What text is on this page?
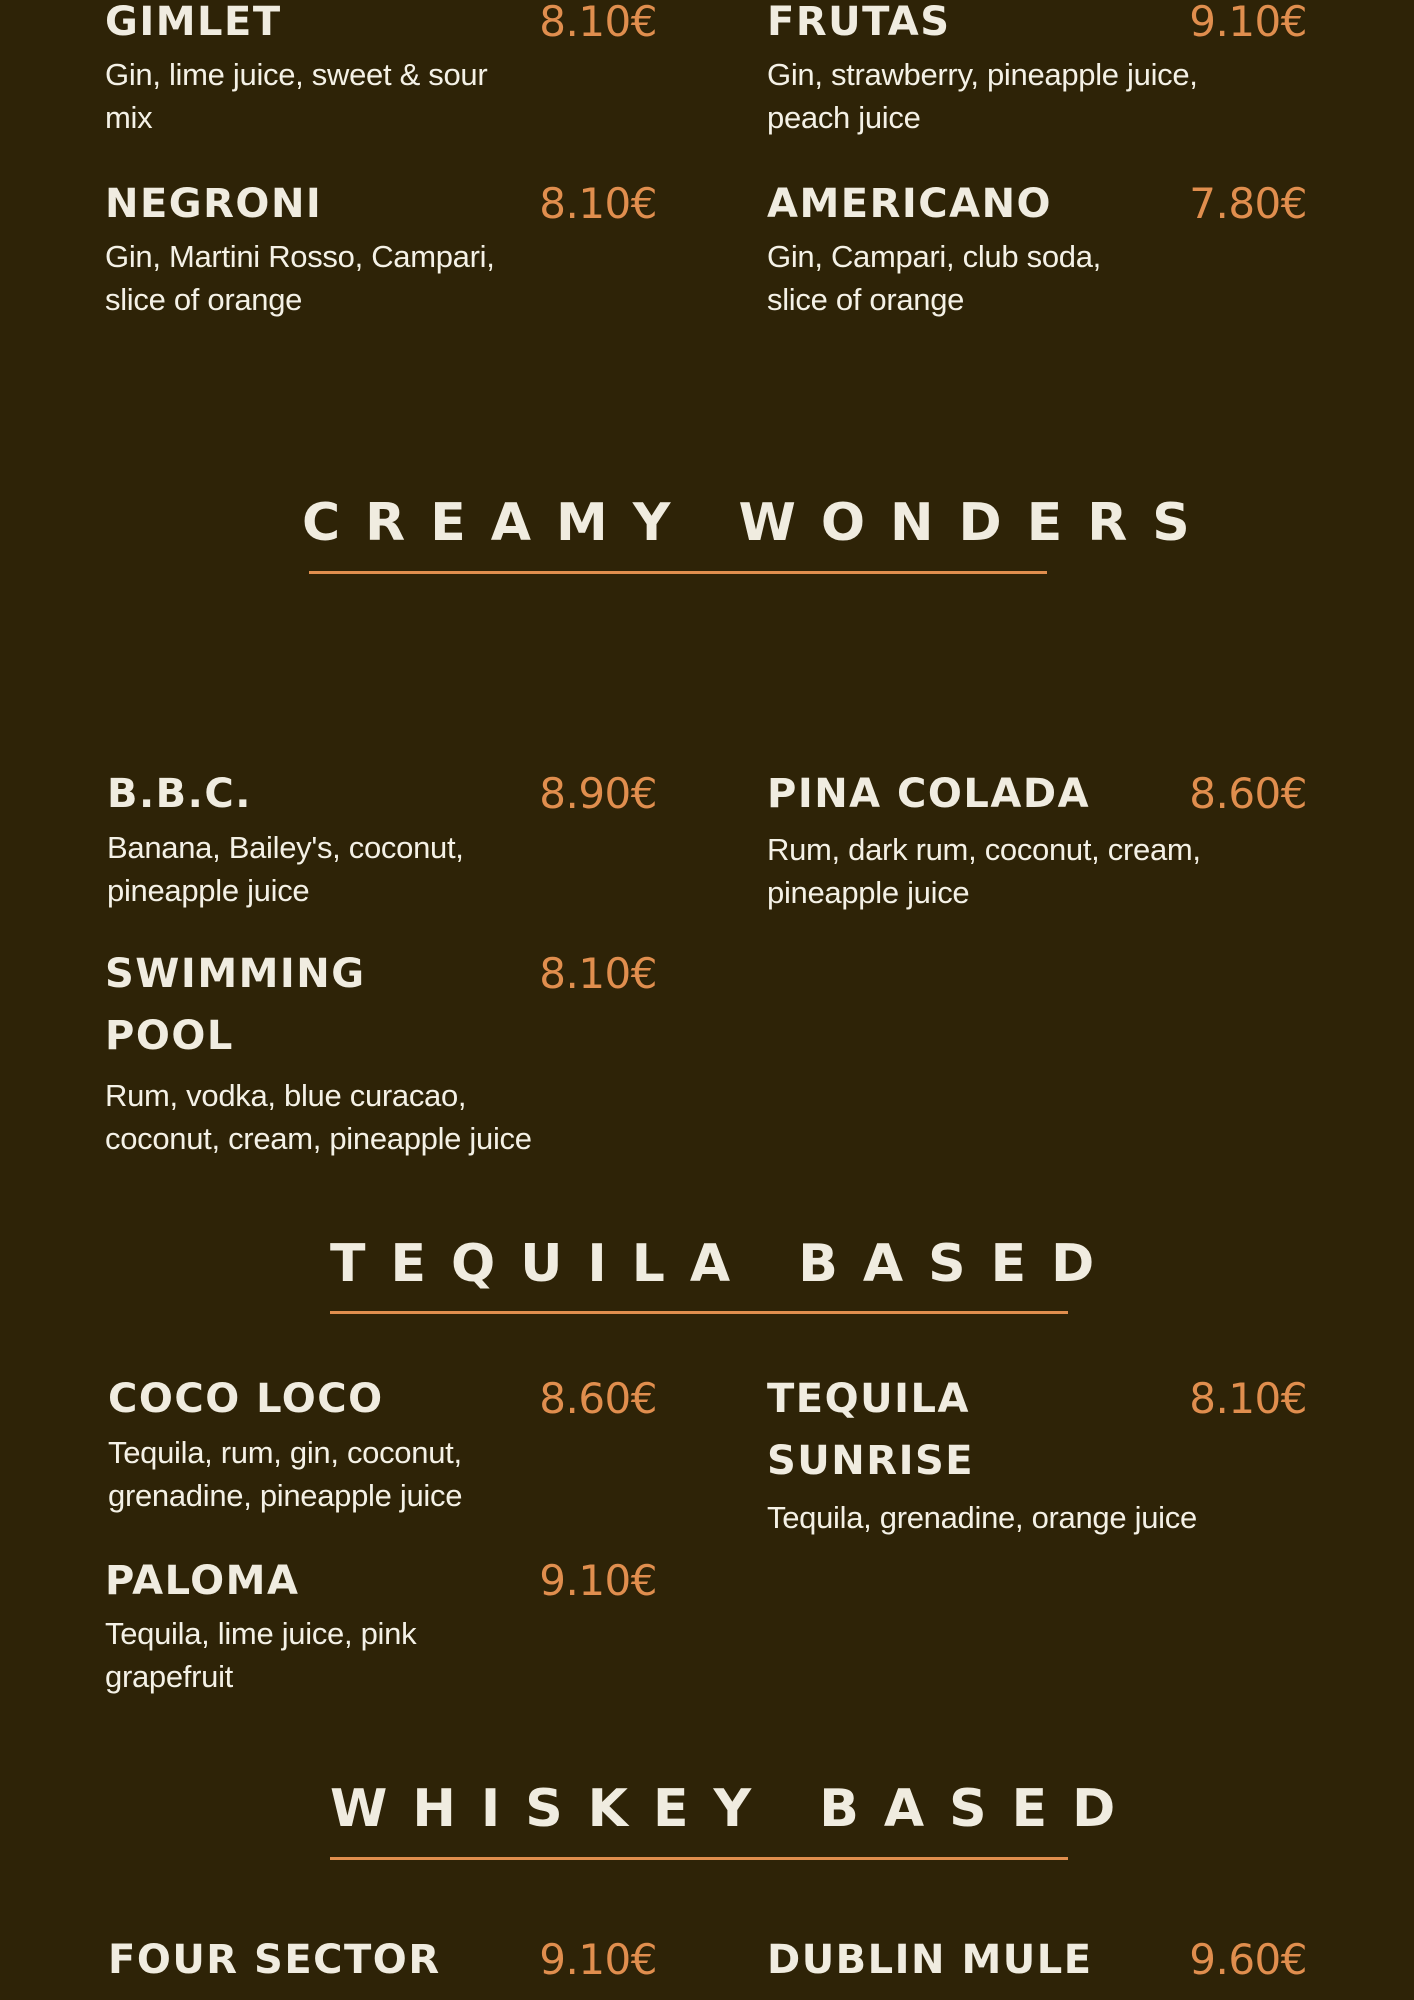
GIMLET	8.10€
Gin, lime juice, sweet & sour mix
FRUTAS	9.10€
Gin, strawberry, pineapple juice, peach juice
NEGRONI	8.10€
Gin, Martini Rosso, Campari, slice of orange
AMERICANO	7.80€
Gin, Campari, club soda, slice of orange
CREAMY WONDERS
B.B.C.	8.90€
Banana, Bailey's, coconut, pineapple juice
PINA COLADA 8.60€
Rum, dark rum, coconut, cream, pineapple juice
SWIMMING POOL
8.10€
Rum, vodka, blue curacao, coconut, cream, pineapple juice
TEQUILA BASED
COCO LOCO	8.60€
Tequila, rum, gin, coconut, grenadine, pineapple juice
TEQUILA SUNRISE
8.10€
Tequila, grenadine, orange juice
PALOMA	9.10€
Tequila, lime juice, pink grapefruit
WHISKEY BASED
FOUR SECTOR 9.10€	DUBLIN MULE 9.60€
